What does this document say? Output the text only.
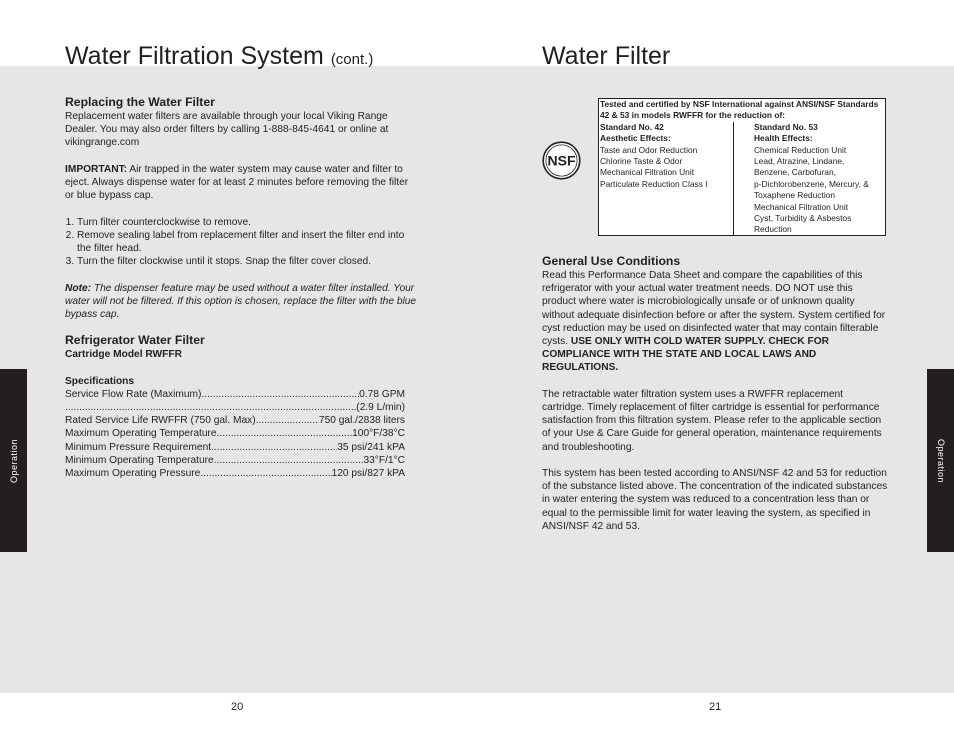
Water Filtration System (cont.)

Replacing the Water Filter

Replacement water filters are available through your local Viking Range Dealer. You may also order filters by calling 1-888-845-4641 or online at vikingrange.com

IMPORTANT: Air trapped in the water system may cause water and filter to eject. Always dispense water for at least 2 minutes before removing the filter or blue bypass cap.

1. Turn filter counterclockwise to remove.
2. Remove sealing label from replacement filter and insert the filter end into the filter head.
3. Turn the filter clockwise until it stops. Snap the filter cover closed.

Note: The dispenser feature may be used without a water filter installed. Your water will not be filtered. If this option is chosen, replace the filter with the blue bypass cap.

Refrigerator Water Filter

Cartridge Model RWFFR

Specifications

Service Flow Rate (Maximum) .....	0.78 GPM
.....
(2.9 L/min)
Rated Service Life RWFFR (750 gal. Max) .....	750 gal./2838 liters
Maximum Operating Temperature .....	100°F/38°C
Minimum Pressure Requirement .....	35 psi/241 kPA
Minimum Operating Temperature .....	33°F/1°C
Maximum Operating Pressure .....	120 psi/827 kPA
Operation
20
Water Filter
NSF
Tested and certified by NSF International against ANSI/NSF Standards
42 & 53 in models RWFFR for the reduction of:
Standard No. 42
Aesthetic Effects:
Taste and Odor Reduction
Chlorine Taste & Odor
Mechanical Filtration Unit
Particulate Reduction Class I
Standard No. 53
Health Effects:
Chemical Reduction Unit
Lead, Atrazine, Lindane,
Benzene, Carbofuran,
p-Dichlorobenzene, Mercury, &
Toxaphene Reduction
Mechanical Filtration Unit
Cyst, Turbidity & Asbestos
Reduction

General Use Conditions

Read this Performance Data Sheet and compare the capabilities of this refrigerator with your actual water treatment needs. DO NOT use this product where water is microbiologically unsafe or of unknown quality without adequate disinfection before or after the system. System certified for cyst reduction may be used on disinfected water that may contain filterable cysts. USE ONLY WITH COLD WATER SUPPLY. CHECK FOR COMPLIANCE WITH THE STATE AND LOCAL LAWS AND REGULATIONS.

The retractable water filtration system uses a RWFFR replacement cartridge. Timely replacement of filter cartridge is essential for performance satisfaction from this filtration system. Please refer to the applicable section of your Use & Care Guide for general operation, maintenance requirements and troubleshooting.

This system has been tested according to ANSI/NSF 42 and 53 for reduction of the substance listed above. The concentration of the indicated substances in water entering the system was reduced to a concentration less than or equal to the permissible limit for water leaving the system, as specified in ANSI/NSF 42 and 53.

Operation
21
